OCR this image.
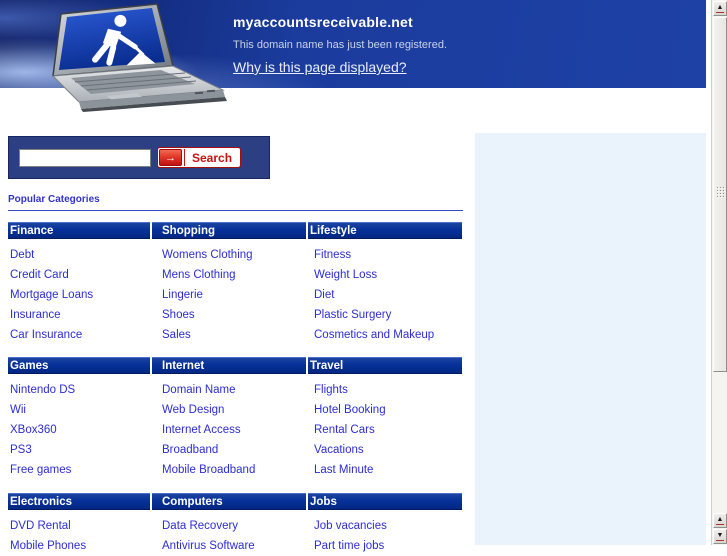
myaccountsreceivable.net
This domain name has just been registered.
Why is this page displayed?
→	Search
Popular Categories
Finance	Shopping	Lifestyle
Debt	Womens Clothing	Fitness
Credit Card	Mens Clothing	Weight Loss
Mortgage Loans	Lingerie	Diet
Insurance	Shoes	Plastic Surgery
Car Insurance	Sales	Cosmetics and Makeup
Games	Internet	Travel
Nintendo DS	Domain Name	Flights
Wii	Web Design	Hotel Booking
XBox360	Internet Access	Rental Cars
PS3	Broadband	Vacations
Free games	Mobile Broadband	Last Minute
Electronics	Computers	Jobs
DVD Rental	Data Recovery	Job vacancies
Mobile Phones	Antivirus Software	Part time jobs
▲
▲
▼
